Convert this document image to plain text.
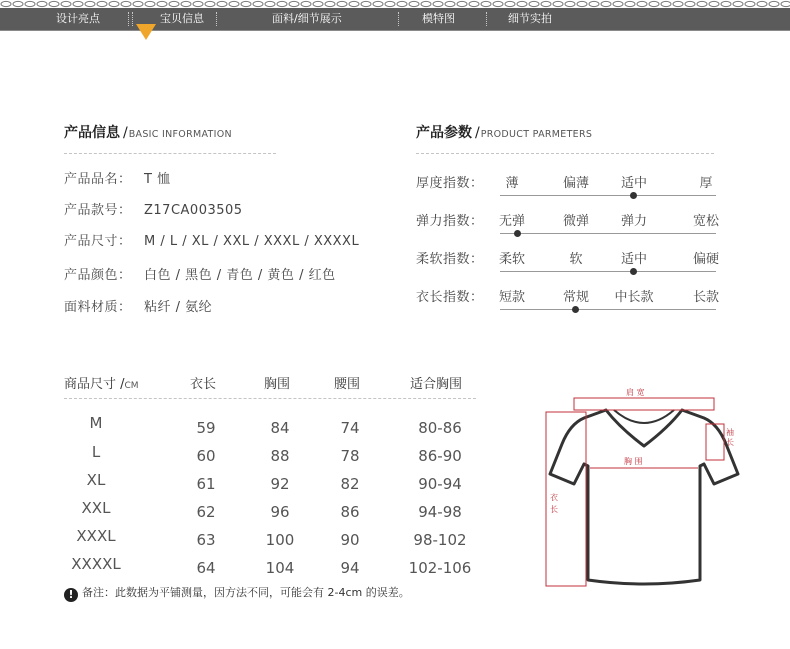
设计亮点	宝贝信息	面料/细节展示	模特图	细节实拍
产品信息 /BASIC INFORMATION
产品品名： T 恤
产品款号： Z17CA003505
产品尺寸： M / L / XL / XXL / XXXL / XXXXL
产品颜色： 白色 / 黑色 / 青色 / 黄色 / 红色
面料材质： 粘纤 / 氨纶
产品参数 /PRODUCT PARMETERS
厚度指数：	薄	偏薄	适中	厚
弹力指数：	无弹	微弹	弹力	宽松
柔软指数：	柔软	软	适中	偏硬
衣长指数：	短款	常规	中长款	长款
商品尺寸 /CM	衣长	胸围	腰围	适合胸围
M	59	84	74	80-86
L	60	88	78	86-90
XL	61	92	82	90-94
XXL	62	96	86	94-98
XXXL	63	100	90	98-102
XXXXL	64	104	94	102-106
! 备注：此数据为平铺测量，因方法不同，可能会有 2-4cm 的误差。
肩 宽
胸 围
袖 长
衣 长
